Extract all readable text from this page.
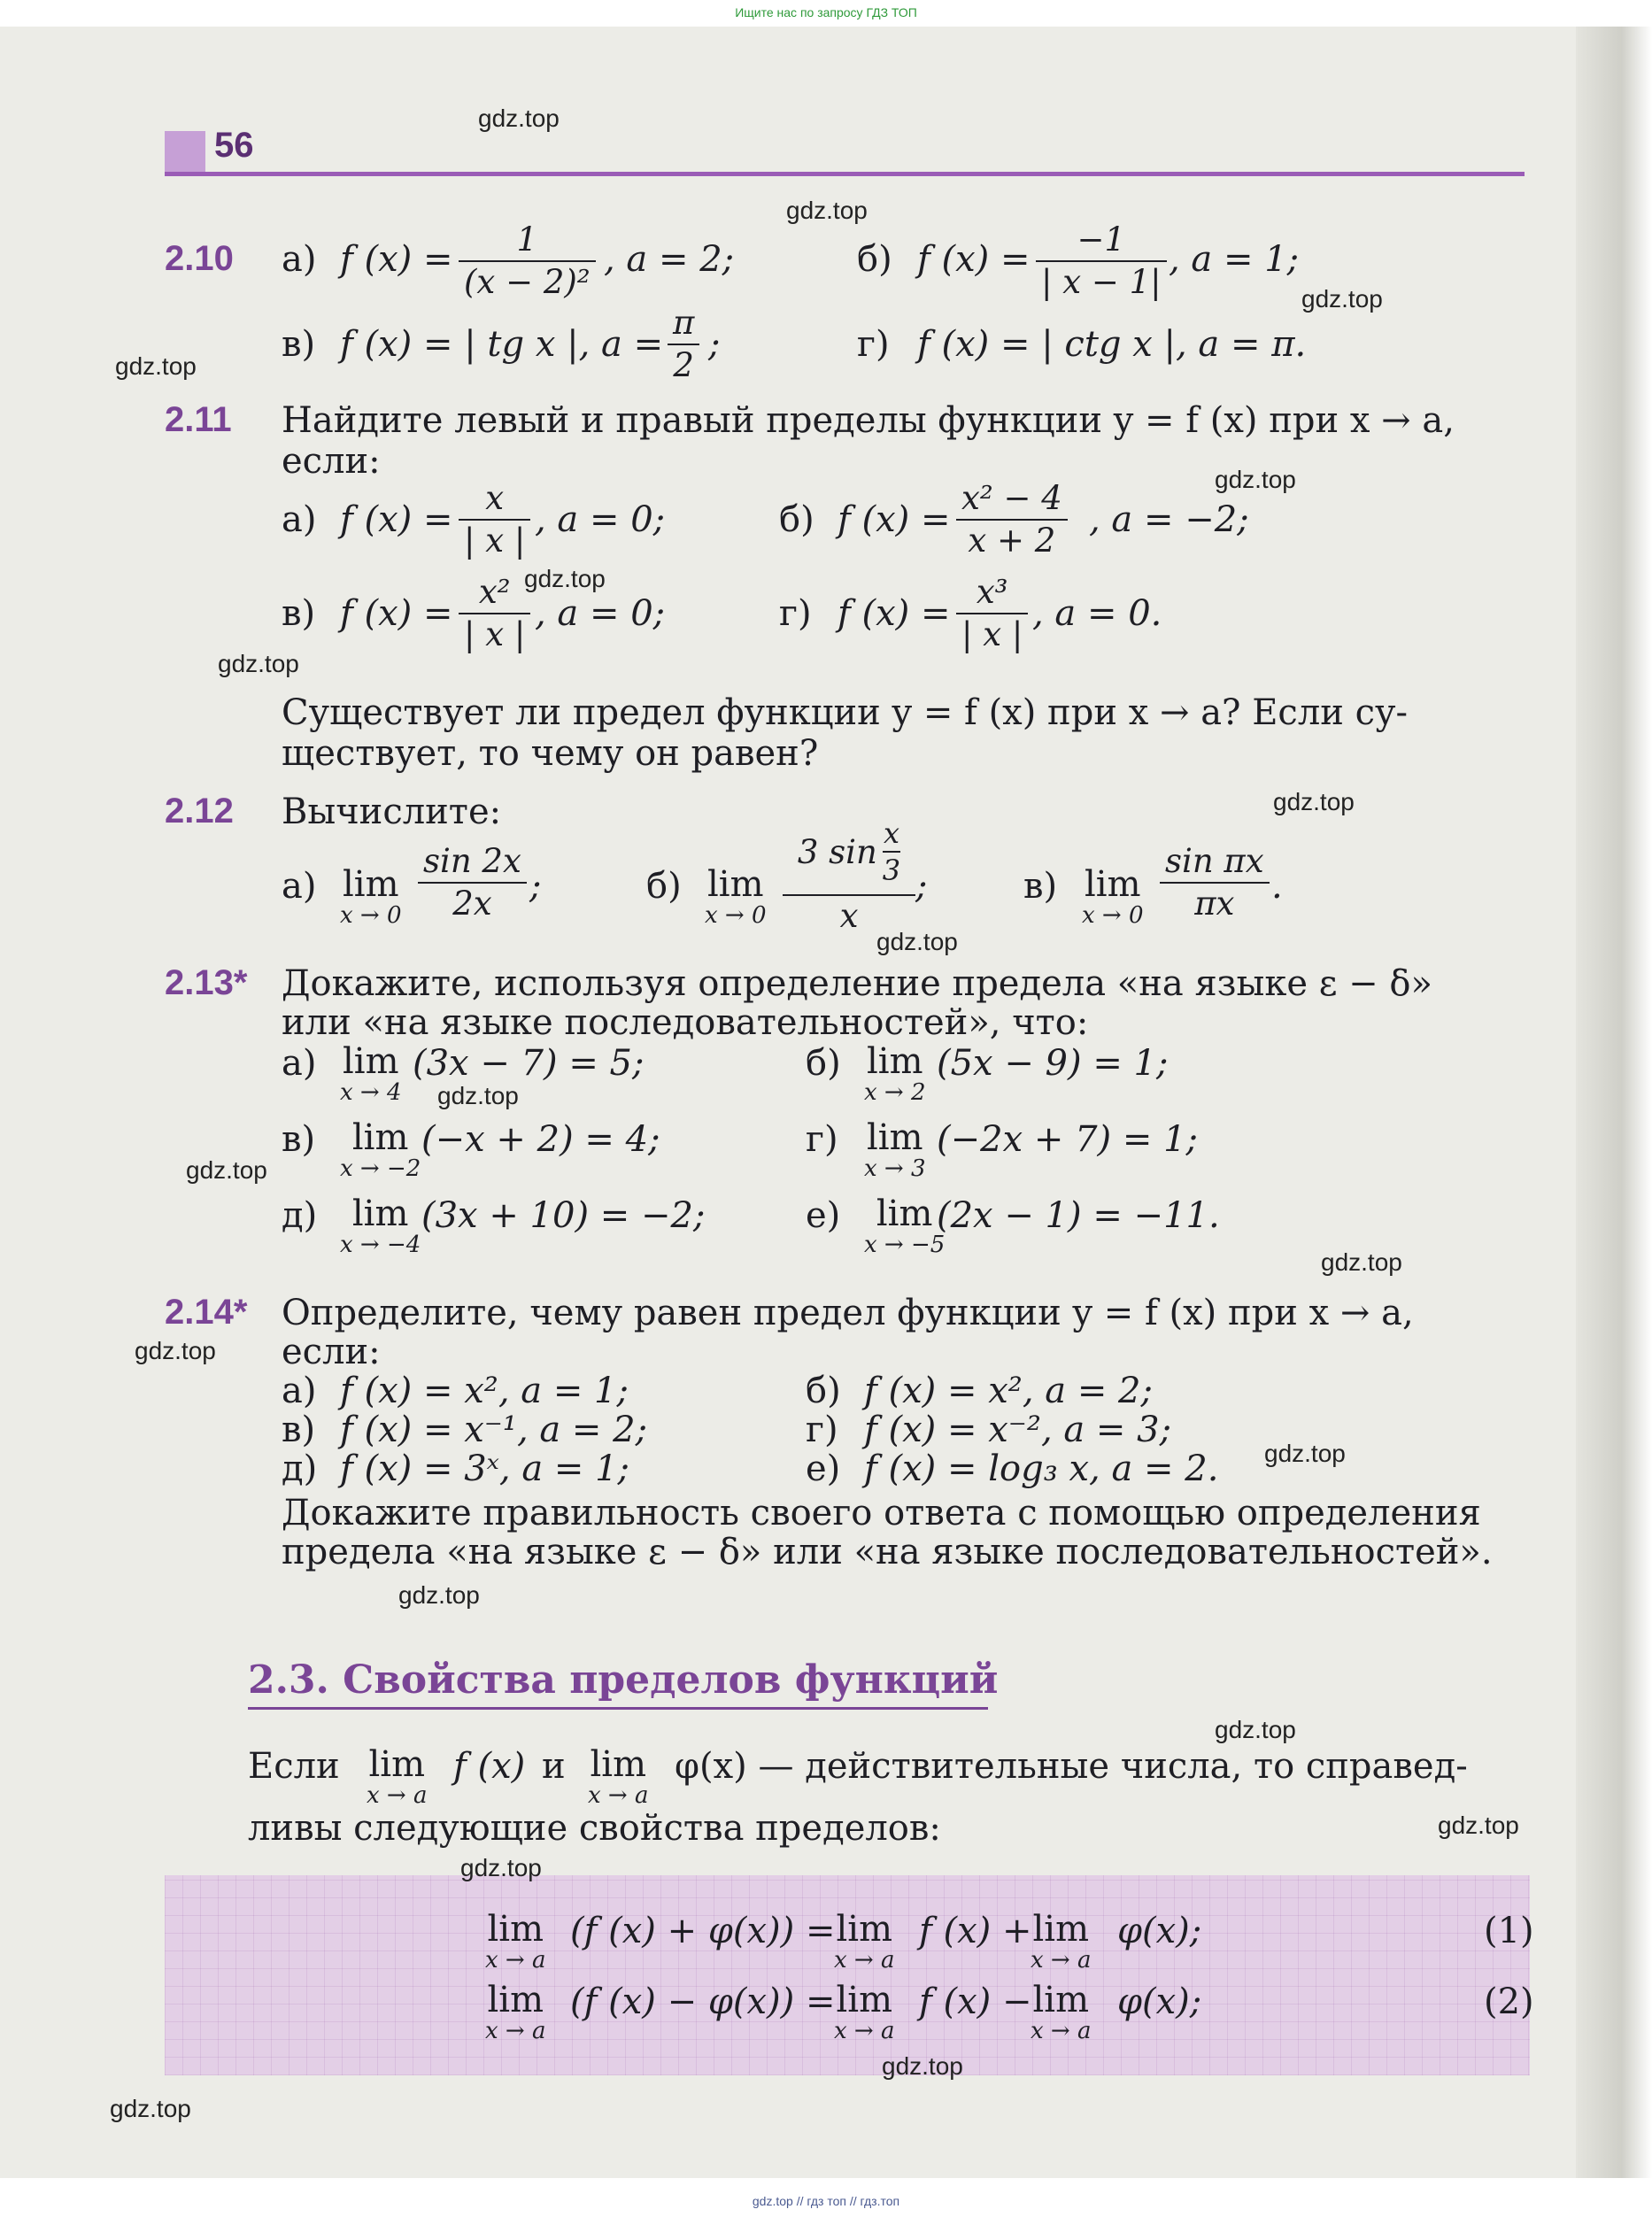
Ищите нас по запросу ГДЗ ТОП
56
2.10 а) f $(x) = \frac{1}{\text{(x − 2)²}}$ , a = 2;	б) f $(x) = \frac{-1}{| x - 1|}$ , a = 1;
в) f (x) = | tg x |, $a = \frac{\pi}{2}$ ;	г) f (x) = | ctg x |, a = π.
2.11 Найдите левый и правый пределы функции y = f (x) при x → a,
если:
а) f $(x) = \frac{x}{| x |}$ , a = 0;	б) f $(x) = \frac{\text{x² − 4}}{x + 2}$ , a = −2;
в) f $(x) = \frac{\text{x²}}{| x |}$ , a = 0;	г) f $(x) = \frac{\text{x³}}{| x |}$ , a = 0.
Существует ли предел функции y = f (x) при x → a? Если су-
ществует, то чему он равен?
2.12 Вычислите:
а) lim
$x \to 0 \frac{\sin 2x}{2x}$ ;	б) lim
x → 0
3 $\sin \frac{x}{3}$
x
;	в) lim
$x \to 0 \frac{\text{sin πx}}{\pi x}$ .
2.13* Докажите, используя определение предела «на языке ε − δ»
или «на языке последовательностей», что:
а) lim
x → 4
(3x − 7) = 5;	б) lim
x → 2
(5x − 9) = 1;
в)	lim
x → −2
(−x + 2) = 4;	г) lim
x → 3
(−2x + 7) = 1;
д) lim
x → −4
(3x + 10) = −2;	е)	lim
x → −5
(2x − 1) = −11.
2.14* Определите, чему равен предел функции y = f (x) при x → a,
если:
а) f (x) = x², a = 1;	б) f (x) = x², a = 2;
в) f (x) = x⁻¹, a = 2;	г) f (x) = x⁻², a = 3;
д) f (x) = 3ˣ, a = 1;	е) f (x) = log₃ x, a = 2.
Докажите правильность своего ответа с помощью определения
предела «на языке ε − δ» или «на языке последовательностей».
2.3. Свойства пределов функций
Если lim
x → a
f (x) и lim
x → a
φ(x) — действительные числа, то справед-
ливы следующие свойства пределов:
lim
x → a
(f (x) + φ(x)) = lim
x → a
f (x) + lim
x → a
φ(x);	(1)
lim
x → a
(f (x) − φ(x)) = lim
x → a
f (x) − lim
x → a
φ(x);	(2)
gdz.top
gdz.top
gdz.top
gdz.top
gdz.top
gdz.top
gdz.top
gdz.top
gdz.top
gdz.top
gdz.top
gdz.top
gdz.top
gdz.top
gdz.top
gdz.top
gdz.top
gdz.top
gdz.top
gdz.top
gdz.top // гдз топ // гдз.топ
